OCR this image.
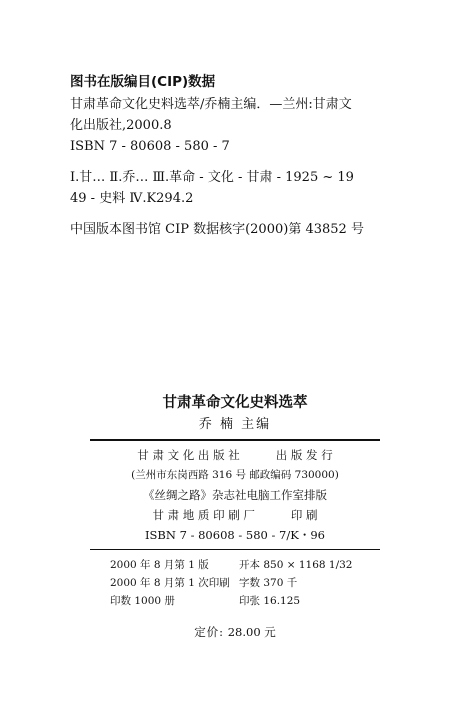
图书在版编目(CIP)数据
甘肃革命文化史料选萃/乔楠主编．—兰州:甘肃文
化出版社,2000.8
ISBN 7 - 80608 - 580 - 7
Ⅰ.甘… Ⅱ.乔… Ⅲ.革命 - 文化 - 甘肃 - 1925 ~ 19
49 - 史料 Ⅳ.K294.2
中国版本图书馆 CIP 数据核字(2000)第 43852 号
甘肃革命文化史料选萃
乔 楠 主编
甘 肃 文 化 出 版 社	出 版 发 行
(兰州市东岗西路 316 号 邮政编码 730000)
《丝绸之路》杂志社电脑工作室排版
甘 肃 地 质 印 刷 厂	印 刷
ISBN 7 - 80608 - 580 - 7/K・96
2000 年 8 月第 1 版	开本 850 × 1168 1/32
2000 年 8 月第 1 次印刷 字数 370 千
印数 1000 册	印张 16.125
定价: 28.00 元
